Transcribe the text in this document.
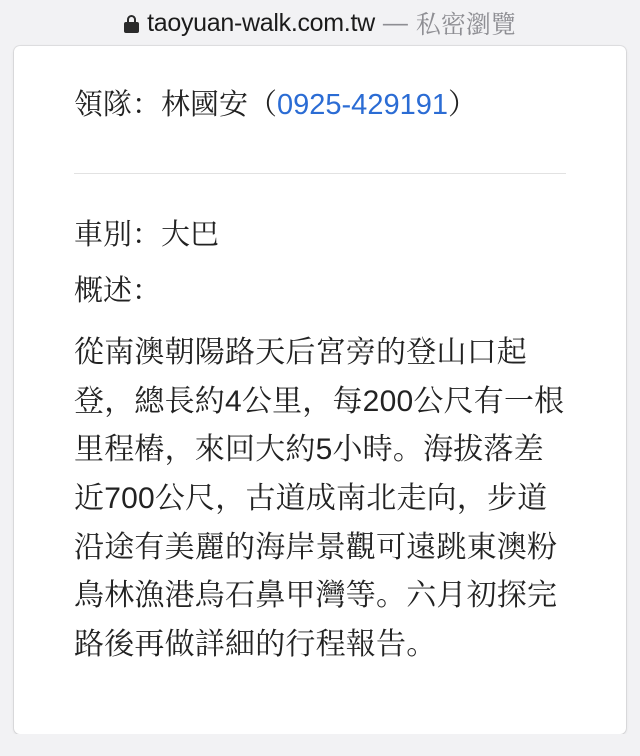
taoyuan-walk.com.tw — 私密瀏覽
領隊：林國安（0925-429191）
車別：大巴
概述：
從南澳朝陽路天后宮旁的登山口起登，總長約4公里，每200公尺有一根里程樁，來回大約5小時。海拔落差近700公尺，古道成南北走向，步道沿途有美麗的海岸景觀可遠跳東澳粉鳥林漁港烏石鼻甲灣等。六月初探完路後再做詳細的行程報告。
